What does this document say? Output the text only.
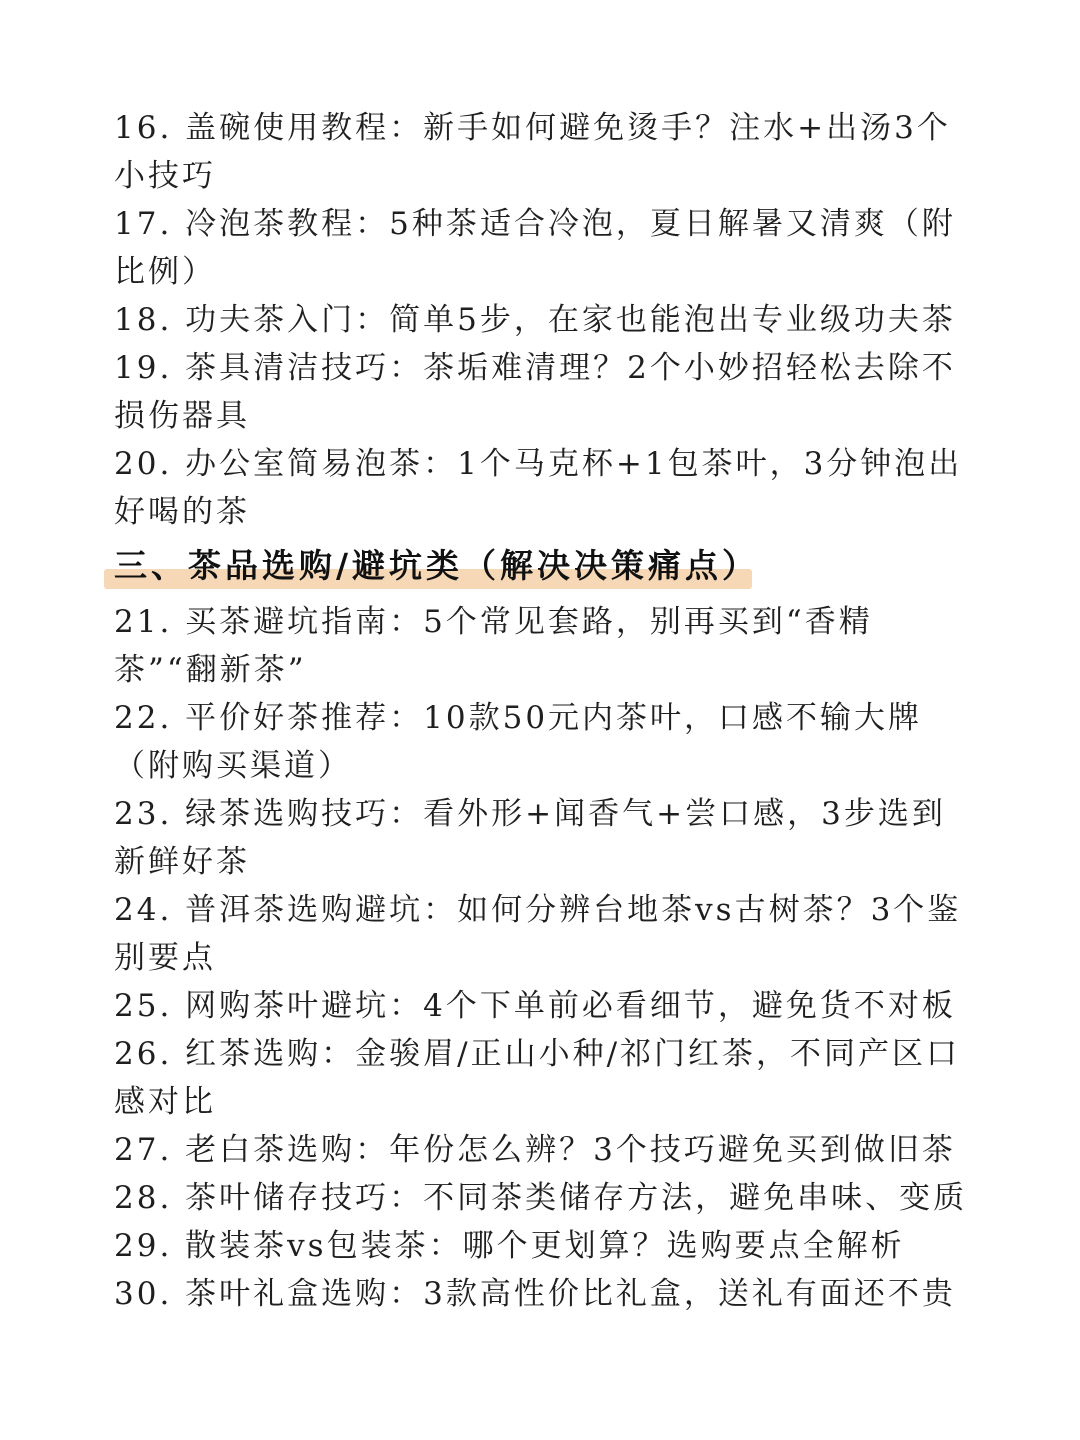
16. 盖碗使用教程：新手如何避免烫手？注水+出汤3个小技巧

17. 冷泡茶教程：5种茶适合冷泡，夏日解暑又清爽（附比例）

18. 功夫茶入门：简单5步，在家也能泡出专业级功夫茶

19. 茶具清洁技巧：茶垢难清理？2个小妙招轻松去除不损伤器具

20. 办公室简易泡茶：1个马克杯+1包茶叶，3分钟泡出好喝的茶

三、茶品选购/避坑类（解决决策痛点）

21. 买茶避坑指南：5个常见套路，别再买到“香精茶”“翻新茶”

22. 平价好茶推荐：10款50元内茶叶，口感不输大牌（附购买渠道）

23. 绿茶选购技巧：看外形+闻香气+尝口感，3步选到新鲜好茶

24. 普洱茶选购避坑：如何分辨台地茶vs古树茶？3个鉴别要点

25. 网购茶叶避坑：4个下单前必看细节，避免货不对板

26. 红茶选购：金骏眉/正山小种/祁门红茶，不同产区口感对比

27. 老白茶选购：年份怎么辨？3个技巧避免买到做旧茶

28. 茶叶储存技巧：不同茶类储存方法，避免串味、变质

29. 散装茶vs包装茶：哪个更划算？选购要点全解析

30. 茶叶礼盒选购：3款高性价比礼盒，送礼有面还不贵
